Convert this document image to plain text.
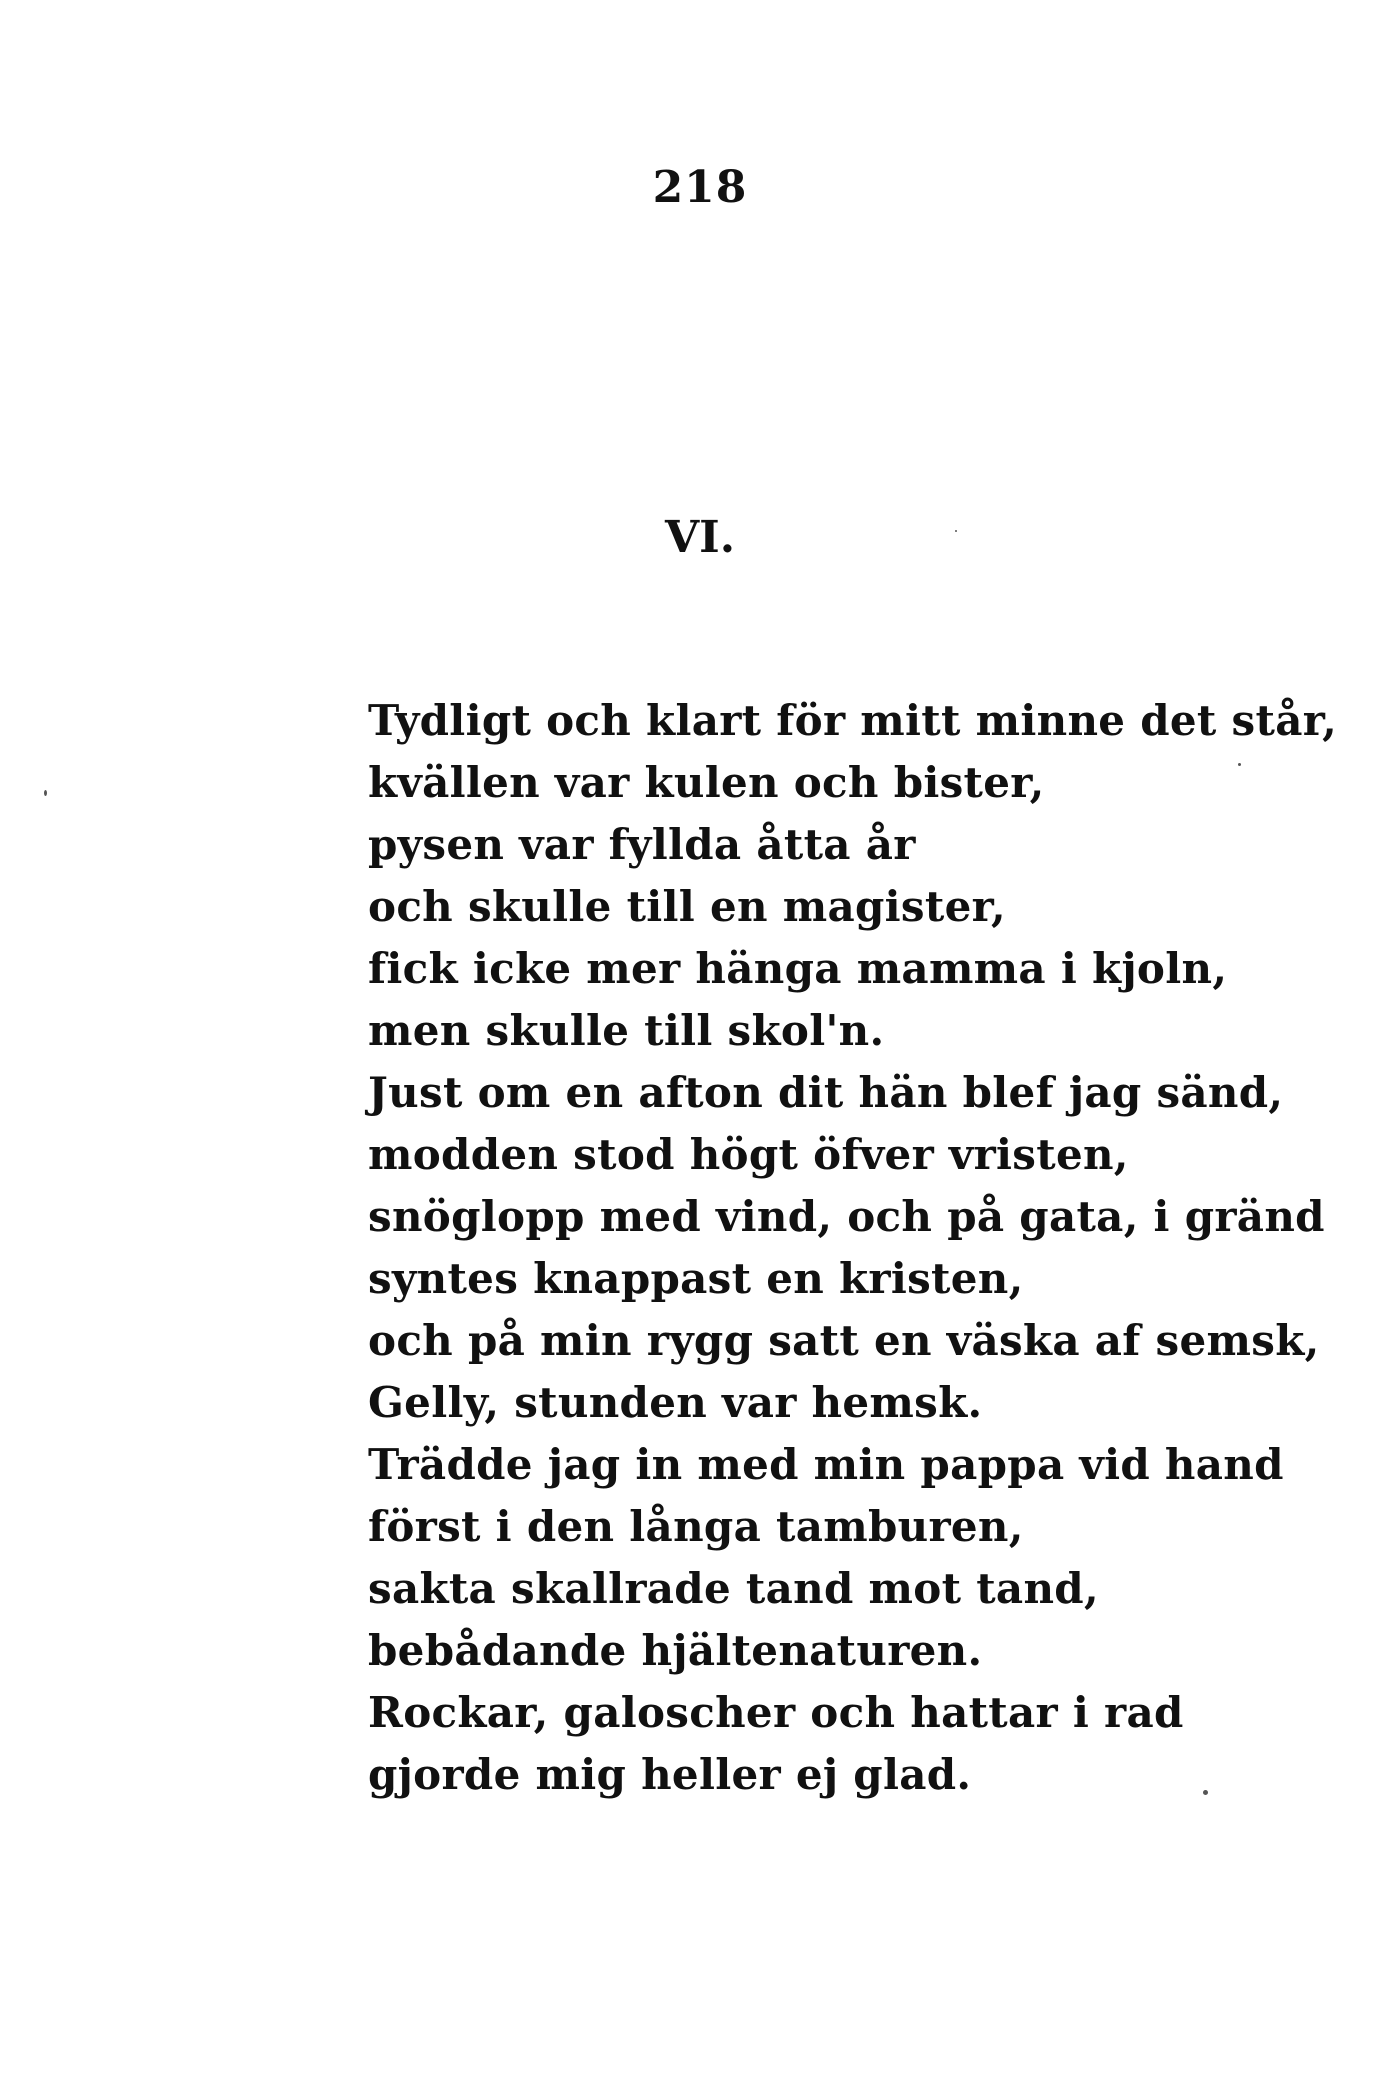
218
VI.
Tydligt och klart för mitt minne det står,
kvällen var kulen och bister,
pysen var fyllda åtta år
och skulle till en magister,
fick icke mer hänga mamma i kjoln,
men skulle till skol'n.
Just om en afton dit hän blef jag sänd,
modden stod högt öfver vristen,
snöglopp med vind, och på gata, i gränd
syntes knappast en kristen,
och på min rygg satt en väska af semsk,
Gelly, stunden var hemsk.
Trädde jag in med min pappa vid hand
först i den långa tamburen,
sakta skallrade tand mot tand,
bebådande hjältenaturen.
Rockar, galoscher och hattar i rad
gjorde mig heller ej glad.
